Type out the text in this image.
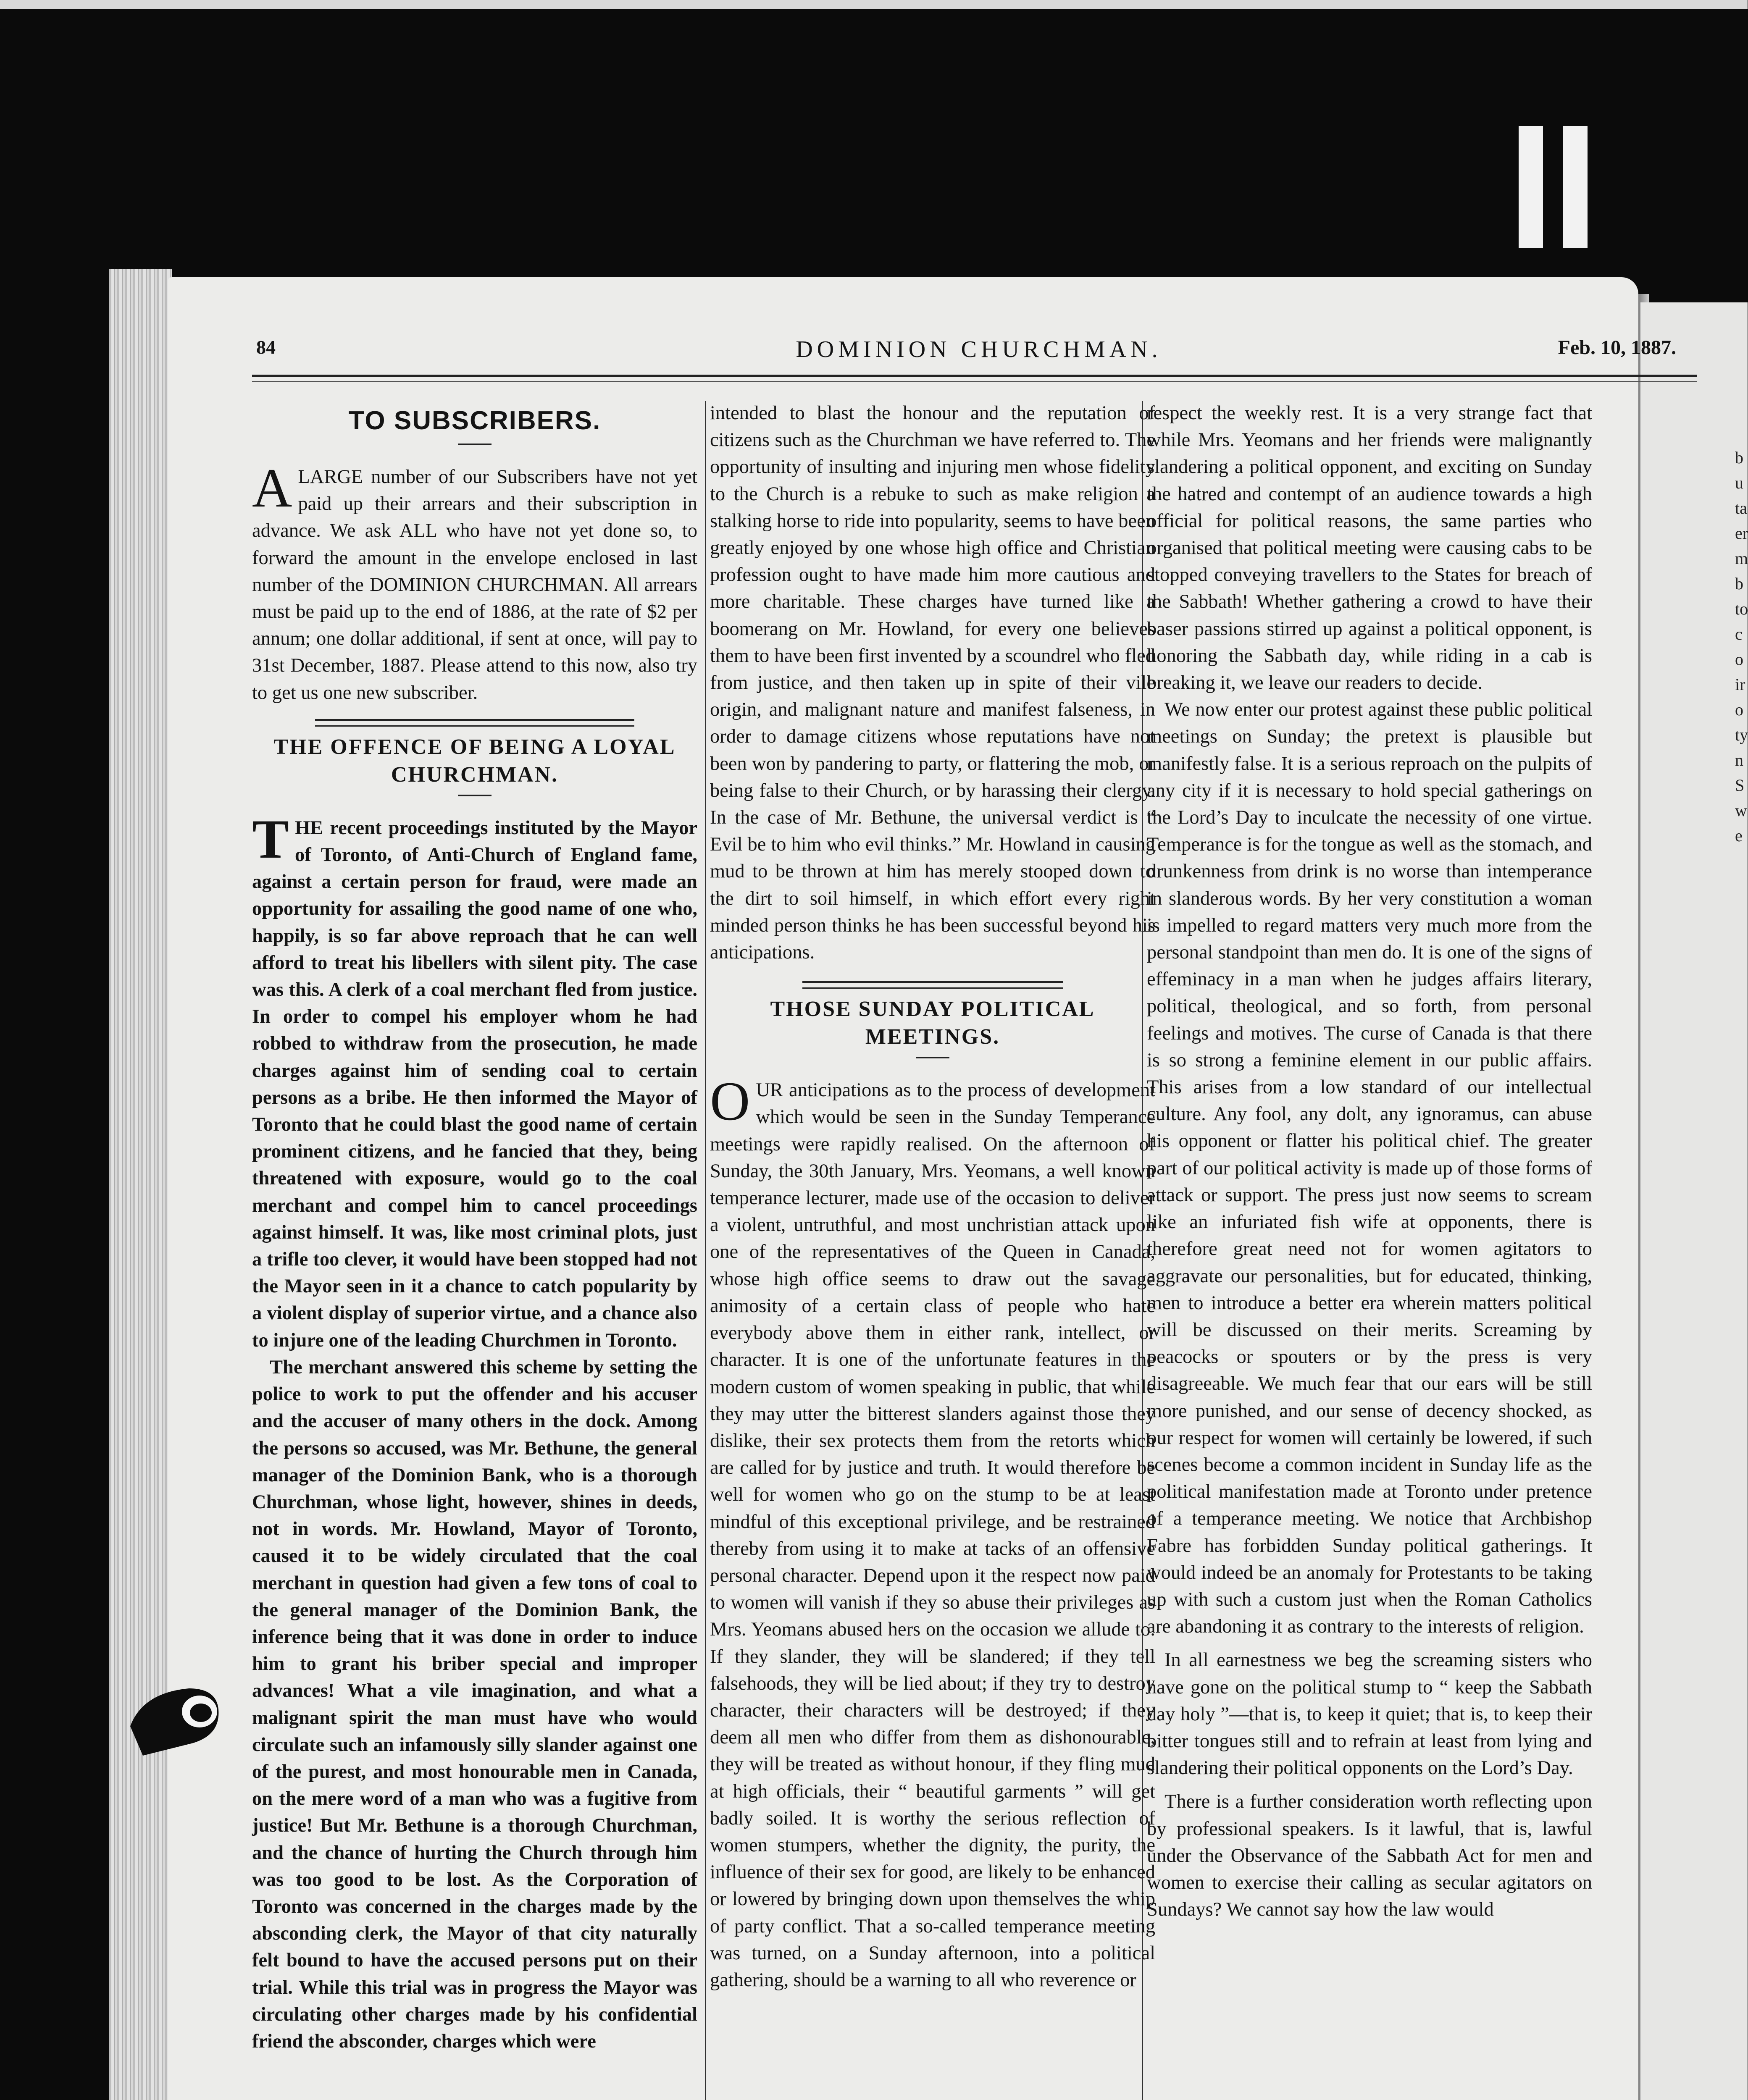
b
u
ta
er
m
b
to
c
o
ir
o
ty
n
S
w
e
84	DOMINION CHURCHMAN.	Feb. 10, 1887.
TO SUBSCRIBERS.

ALARGE number of our Subscribers have not yet paid up their arrears and their subscription in advance. We ask ALL who have not yet done so, to forward the amount in the envelope enclosed in last number of the DOMINION CHURCHMAN. All arrears must be paid up to the end of 1886, at the rate of $2 per annum; one dollar additional, if sent at once, will pay to 31st December, 1887. Please attend to this now, also try to get us one new subscriber.

THE OFFENCE OF BEING A LOYAL CHURCHMAN.

THE recent proceedings instituted by the Mayor of Toronto, of Anti-Church of England fame, against a certain person for fraud, were made an opportunity for assailing the good name of one who, happily, is so far above reproach that he can well afford to treat his libellers with silent pity. The case was this. A clerk of a coal merchant fled from justice. In order to compel his employer whom he had robbed to withdraw from the prosecution, he made charges against him of sending coal to certain persons as a bribe. He then informed the Mayor of Toronto that he could blast the good name of certain prominent citizens, and he fancied that they, being threatened with exposure, would go to the coal merchant and compel him to cancel proceedings against himself. It was, like most criminal plots, just a trifle too clever, it would have been stopped had not the Mayor seen in it a chance to catch popularity by a violent display of superior virtue, and a chance also to injure one of the leading Churchmen in Toronto.

The merchant answered this scheme by setting the police to work to put the offender and his accuser and the accuser of many others in the dock. Among the persons so accused, was Mr. Bethune, the general manager of the Dominion Bank, who is a thorough Churchman, whose light, however, shines in deeds, not in words. Mr. Howland, Mayor of Toronto, caused it to be widely circulated that the coal merchant in question had given a few tons of coal to the general manager of the Dominion Bank, the inference being that it was done in order to induce him to grant his briber special and improper advances! What a vile imagination, and what a malignant spirit the man must have who would circulate such an infamously silly slander against one of the purest, and most honourable men in Canada, on the mere word of a man who was a fugitive from justice! But Mr. Bethune is a thorough Churchman, and the chance of hurting the Church through him was too good to be lost. As the Corporation of Toronto was concerned in the charges made by the absconding clerk, the Mayor of that city naturally felt bound to have the accused persons put on their trial. While this trial was in progress the Mayor was circulating other charges made by his confidential friend the absconder, charges which were

intended to blast the honour and the reputation of citizens such as the Churchman we have referred to. The opportunity of insulting and injuring men whose fidelity to the Church is a rebuke to such as make religion a stalking horse to ride into popularity, seems to have been greatly enjoyed by one whose high office and Christian profession ought to have made him more cautious and more charitable. These charges have turned like a boomerang on Mr. Howland, for every one believes them to have been first invented by a scoundrel who fled from justice, and then taken up in spite of their vile origin, and malignant nature and manifest falseness, in order to damage citizens whose reputations have not been won by pandering to party, or flattering the mob, or being false to their Church, or by harassing their clergy. In the case of Mr. Bethune, the universal verdict is “ Evil be to him who evil thinks.” Mr. Howland in causing mud to be thrown at him has merely stooped down to the dirt to soil himself, in which effort every right minded person thinks he has been successful beyond his anticipations.

THOSE SUNDAY POLITICAL MEETINGS.

OUR anticipations as to the process of development which would be seen in the Sunday Temperance meetings were rapidly realised. On the afternoon of Sunday, the 30th January, Mrs. Yeomans, a well known temperance lecturer, made use of the occasion to deliver a violent, untruthful, and most unchristian attack upon one of the representatives of the Queen in Canada, whose high office seems to draw out the savage animosity of a certain class of people who hate everybody above them in either rank, intellect, or character. It is one of the unfortunate features in the modern custom of women speaking in public, that while they may utter the bitterest slanders against those they dislike, their sex protects them from the retorts which are called for by justice and truth. It would therefore be well for women who go on the stump to be at least mindful of this exceptional privilege, and be restrained thereby from using it to make at tacks of an offensive personal character. Depend upon it the respect now paid to women will vanish if they so abuse their privileges as Mrs. Yeomans abused hers on the occasion we allude to. If they slander, they will be slandered; if they tell falsehoods, they will be lied about; if they try to destroy character, their characters will be destroyed; if they deem all men who differ from them as dishonourable, they will be treated as without honour, if they fling mud at high officials, their “ beautiful garments ” will get badly soiled. It is worthy the serious reflection of women stumpers, whether the dignity, the purity, the influence of their sex for good, are likely to be enhanced or lowered by bringing down upon themselves the whip of party conflict. That a so-called temperance meeting was turned, on a Sunday afternoon, into a political gathering, should be a warning to all who reverence or

respect the weekly rest. It is a very strange fact that while Mrs. Yeomans and her friends were malignantly slandering a political opponent, and exciting on Sunday the hatred and contempt of an audience towards a high official for political reasons, the same parties who organised that political meeting were causing cabs to be stopped conveying travellers to the States for breach of the Sabbath! Whether gathering a crowd to have their baser passions stirred up against a political opponent, is honoring the Sabbath day, while riding in a cab is breaking it, we leave our readers to decide.

We now enter our protest against these public political meetings on Sunday; the pretext is plausible but manifestly false. It is a serious reproach on the pulpits of any city if it is necessary to hold special gatherings on the Lord’s Day to inculcate the necessity of one virtue. Temperance is for the tongue as well as the stomach, and drunkenness from drink is no worse than intemperance in slanderous words. By her very constitution a woman is impelled to regard matters very much more from the personal standpoint than men do. It is one of the signs of effeminacy in a man when he judges affairs literary, political, theological, and so forth, from personal feelings and motives. The curse of Canada is that there is so strong a feminine element in our public affairs. This arises from a low standard of our intellectual culture. Any fool, any dolt, any ignoramus, can abuse his opponent or flatter his political chief. The greater part of our political activity is made up of those forms of attack or support. The press just now seems to scream like an infuriated fish wife at opponents, there is therefore great need not for women agitators to aggravate our personalities, but for educated, thinking, men to introduce a better era wherein matters political will be discussed on their merits. Screaming by peacocks or spouters or by the press is very disagreeable. We much fear that our ears will be still more punished, and our sense of decency shocked, as our respect for women will certainly be lowered, if such scenes become a common incident in Sunday life as the political manifestation made at Toronto under pretence of a temperance meeting. We notice that Archbishop Fabre has forbidden Sunday political gatherings. It would indeed be an anomaly for Protestants to be taking up with such a custom just when the Roman Catholics are abandoning it as contrary to the interests of religion.

In all earnestness we beg the screaming sisters who have gone on the political stump to “ keep the Sabbath day holy ”—that is, to keep it quiet; that is, to keep their bitter tongues still and to refrain at least from lying and slandering their political opponents on the Lord’s Day.

There is a further consideration worth reflecting upon by professional speakers. Is it lawful, that is, lawful under the Observance of the Sabbath Act for men and women to exercise their calling as secular agitators on Sundays? We cannot say how the law would
